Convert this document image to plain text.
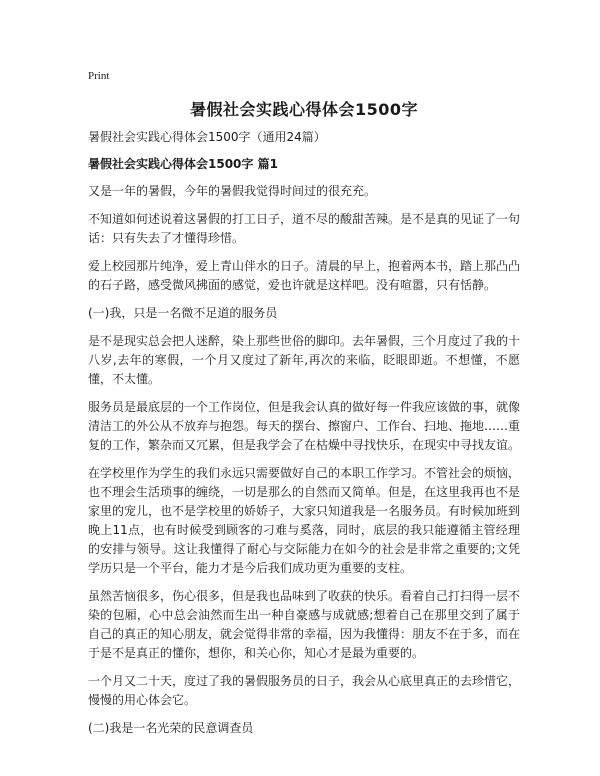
Print
暑假社会实践心得体会1500字

暑假社会实践心得体会1500字（通用24篇）

暑假社会实践心得体会1500字 篇1

又是一年的暑假，今年的暑假我觉得时间过的很充充。

不知道如何述说着这暑假的打工日子，道不尽的酸甜苦辣。是不是真的见证了一句话：只有失去了才懂得珍惜。

爱上校园那片纯净，爱上青山伴水的日子。清晨的早上，抱着两本书，踏上那凸凸的石子路，感受微风拂面的感觉，爱也许就是这样吧。没有喧嚣，只有恬静。

(一)我，只是一名微不足道的服务员

是不是现实总会把人迷醉，染上那些世俗的脚印。去年暑假，三个月度过了我的十八岁,去年的寒假，一个月又度过了新年,再次的来临，眨眼即逝。不想懂，不愿懂，不太懂。

服务员是最底层的一个工作岗位，但是我会认真的做好每一件我应该做的事，就像清洁工的外公从不放弃与抱怨。每天的摆台、擦窗户、工作台、扫地、拖地……重复的工作，繁杂而又冗累，但是我学会了在枯燥中寻找快乐，在现实中寻找友谊。

在学校里作为学生的我们永远只需要做好自己的本职工作学习。不管社会的烦恼，也不理会生活琐事的缠绕，一切是那么的自然而又简单。但是，在这里我再也不是家里的宠儿，也不是学校里的娇娇子，大家只知道我是一名服务员。有时候加班到晚上11点，也有时候受到顾客的刁难与奚落，同时，底层的我只能遵循主管经理的安排与领导。这让我懂得了耐心与交际能力在如今的社会是非常之重要的;文凭学历只是一个平台，能力才是今后我们成功更为重要的支柱。

虽然苦恼很多，伤心很多，但是我也品味到了收获的快乐。看着自己打扫得一层不染的包厢，心中总会油然而生出一种自豪感与成就感;想着自己在那里交到了属于自己的真正的知心朋友，就会觉得非常的幸福，因为我懂得：朋友不在于多，而在于是不是真正的懂你，想你，和关心你，知心才是最为重要的。

一个月又二十天，度过了我的暑假服务员的日子，我会从心底里真正的去珍惜它，慢慢的用心体会它。

(二)我是一名光荣的民意调查员
